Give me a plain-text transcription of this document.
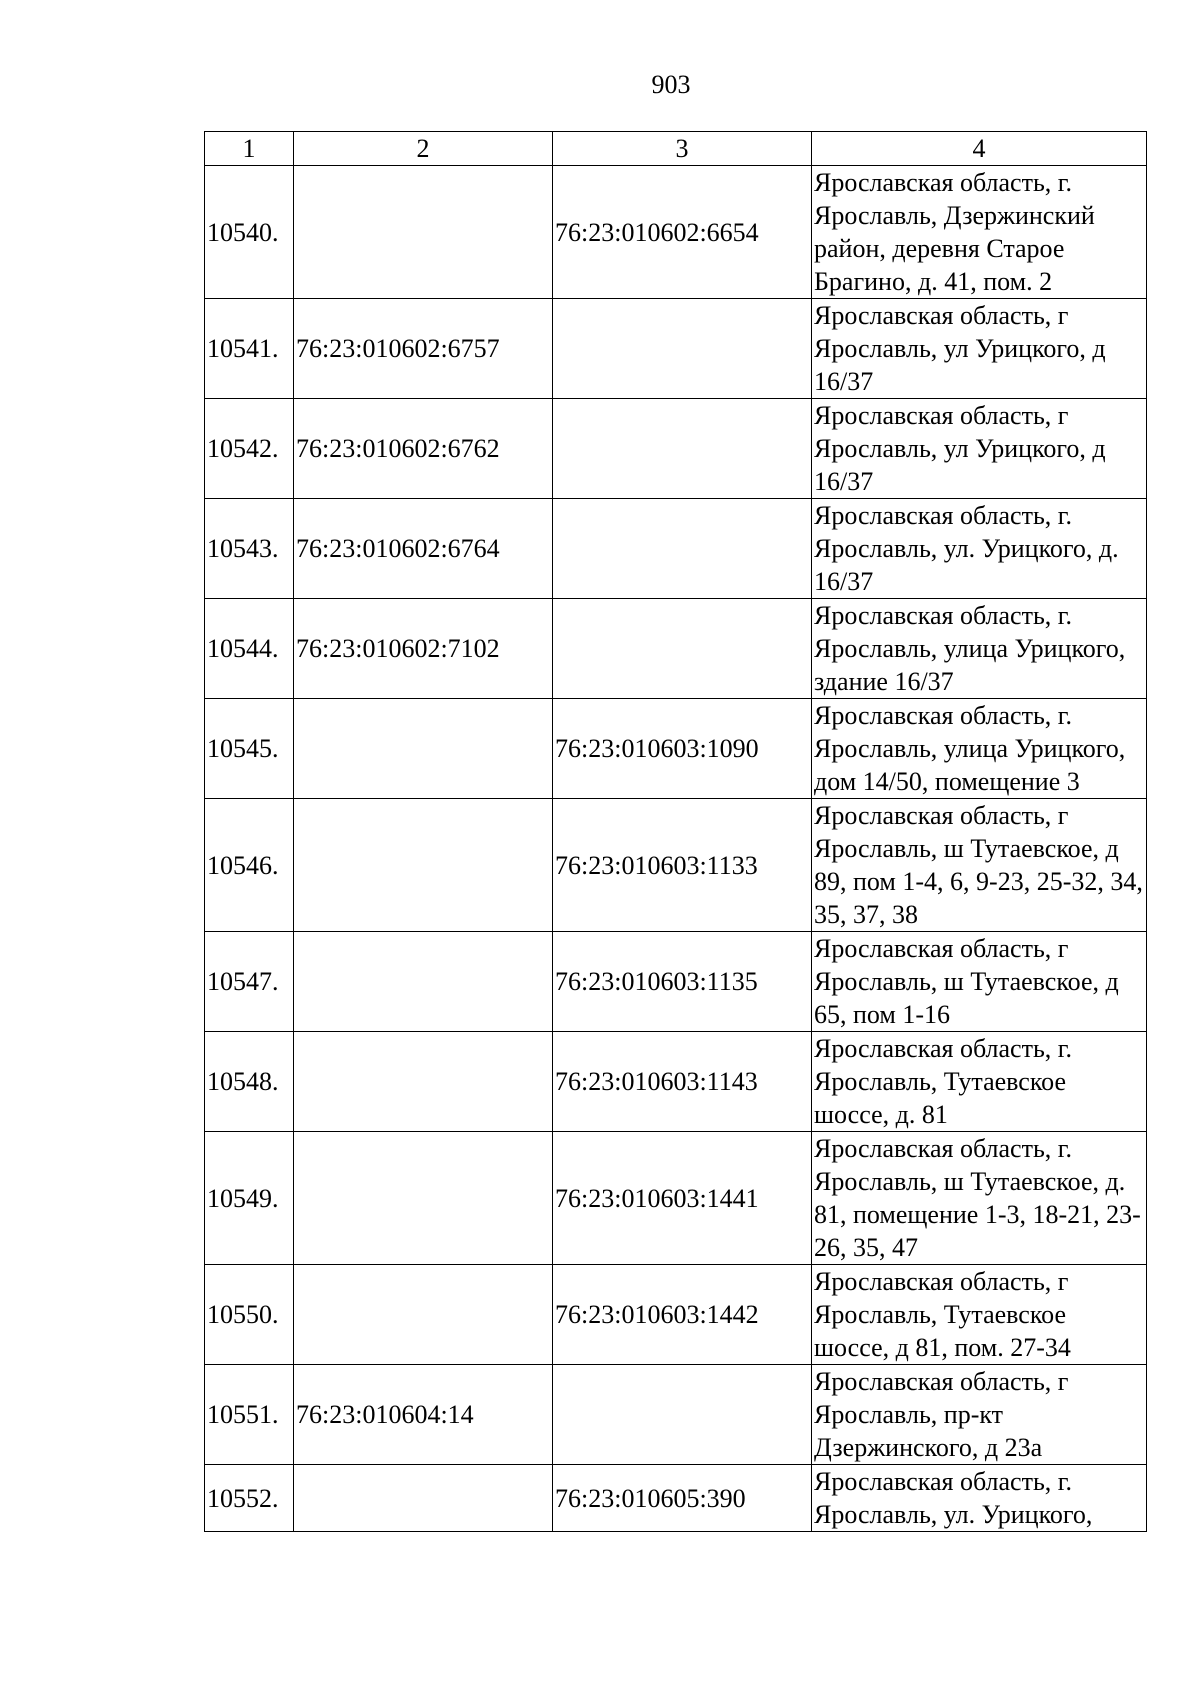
903
1	2	3	4
10540.		76:23:010602:6654	Ярославская область, г. Ярославль, Дзержинский район, деревня Старое Брагино, д. 41, пом. 2
10541.	76:23:010602:6757		Ярославская область, г Ярославль, ул Урицкого, д 16/37
10542.	76:23:010602:6762		Ярославская область, г Ярославль, ул Урицкого, д 16/37
10543.	76:23:010602:6764		Ярославская область, г. Ярославль, ул. Урицкого, д. 16/37
10544.	76:23:010602:7102		Ярославская область, г. Ярославль, улица Урицкого, здание 16/37
10545.		76:23:010603:1090	Ярославская область, г. Ярославль, улица Урицкого, дом 14/50, помещение 3
10546.		76:23:010603:1133	Ярославская область, г Ярославль, ш Тутаевское, д 89, пом 1-4, 6, 9-23, 25-32, 34, 35, 37, 38
10547.		76:23:010603:1135	Ярославская область, г Ярославль, ш Тутаевское, д 65, пом 1-16
10548.		76:23:010603:1143	Ярославская область, г. Ярославль, Тутаевское шоссе, д. 81
10549.		76:23:010603:1441	Ярославская область, г. Ярославль, ш Тутаевское, д. 81, помещение 1-3, 18-21, 23-26, 35, 47
10550.		76:23:010603:1442	Ярославская область, г Ярославль, Тутаевское шоссе, д 81, пом. 27-34
10551.	76:23:010604:14		Ярославская область, г Ярославль, пр-кт Дзержинского, д 23а
10552.		76:23:010605:390	Ярославская область, г. Ярославль, ул. Урицкого,
